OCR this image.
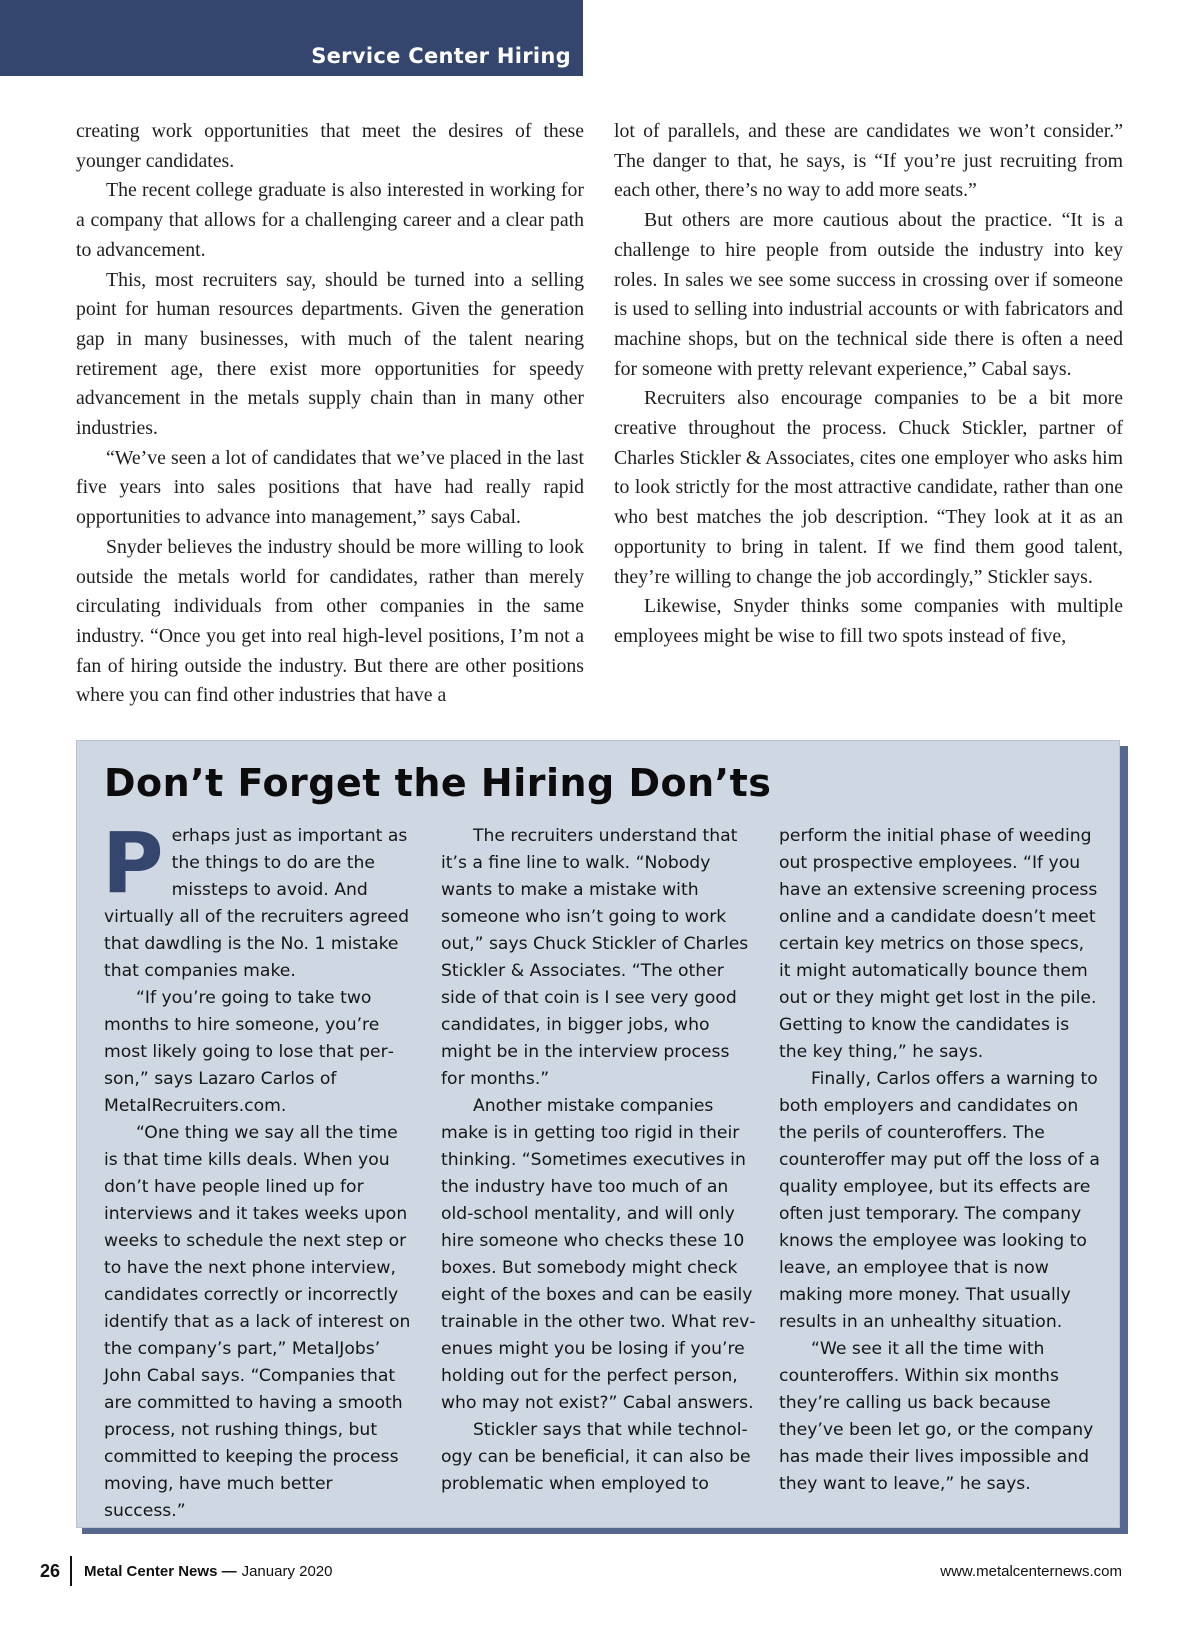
Service Center Hiring

creating work opportunities that meet the desires of these younger candidates.

The recent college graduate is also interested in working for a company that allows for a challenging career and a clear path to advancement.

This, most recruiters say, should be turned into a selling point for human resources departments. Given the generation gap in many businesses, with much of the talent nearing retirement age, there exist more opportunities for speedy advancement in the metals supply chain than in many other industries.

“We’ve seen a lot of candidates that we’ve placed in the last five years into sales positions that have had really rapid opportunities to advance into management,” says Cabal.

Snyder believes the industry should be more willing to look outside the metals world for candidates, rather than merely circulating individuals from other companies in the same industry. “Once you get into real high-level positions, I’m not a fan of hiring outside the industry. But there are other positions where you can find other industries that have a

lot of parallels, and these are candidates we won’t consider.” The danger to that, he says, is “If you’re just recruiting from each other, there’s no way to add more seats.”

But others are more cautious about the practice. “It is a challenge to hire people from outside the industry into key roles. In sales we see some success in crossing over if someone is used to selling into industrial accounts or with fabricators and machine shops, but on the technical side there is often a need for someone with pretty relevant experience,” Cabal says.

Recruiters also encourage companies to be a bit more creative throughout the process. Chuck Stickler, partner of Charles Stickler & Associates, cites one employer who asks him to look strictly for the most attractive candidate, rather than one who best matches the job description. “They look at it as an opportunity to bring in talent. If we find them good talent, they’re willing to change the job accordingly,” Stickler says.

Likewise, Snyder thinks some companies with multiple employees might be wise to fill two spots instead of five,

Don’t Forget the Hiring Don’ts

Perhaps just as important as the things to do are the missteps to avoid. And virtually all of the recruiters agreed that dawdling is the No. 1 mistake that companies make.

“If you’re going to take two months to hire someone, you’re most likely going to lose that person,” says Lazaro Carlos of MetalRecruiters.com.

“One thing we say all the time is that time kills deals. When you don’t have people lined up for interviews and it takes weeks upon weeks to schedule the next step or to have the next phone interview, candidates correctly or incorrectly identify that as a lack of interest on the company’s part,” MetalJobs’ John Cabal says. “Companies that are committed to having a smooth process, not rushing things, but committed to keeping the process moving, have much better success.”

The recruiters understand that it’s a fine line to walk. “Nobody wants to make a mistake with someone who isn’t going to work out,” says Chuck Stickler of Charles Stickler & Associates. “The other side of that coin is I see very good candidates, in bigger jobs, who might be in the interview process for months.”

Another mistake companies make is in getting too rigid in their thinking. “Sometimes executives in the industry have too much of an old-school mentality, and will only hire someone who checks these 10 boxes. But somebody might check eight of the boxes and can be easily trainable in the other two. What revenues might you be losing if you’re holding out for the perfect person, who may not exist?” Cabal answers.

Stickler says that while technology can be beneficial, it can also be problematic when employed to

perform the initial phase of weeding out prospective employees. “If you have an extensive screening process online and a candidate doesn’t meet certain key metrics on those specs, it might automatically bounce them out or they might get lost in the pile. Getting to know the candidates is the key thing,” he says.

Finally, Carlos offers a warning to both employers and candidates on the perils of counteroffers. The counteroffer may put off the loss of a quality employee, but its effects are often just temporary. The company knows the employee was looking to leave, an employee that is now making more money. That usually results in an unhealthy situation.

“We see it all the time with counteroffers. Within six months they’re calling us back because they’ve been let go, or the company has made their lives impossible and they want to leave,” he says.

26 Metal Center News — January 2020	www.metalcenternews.com
